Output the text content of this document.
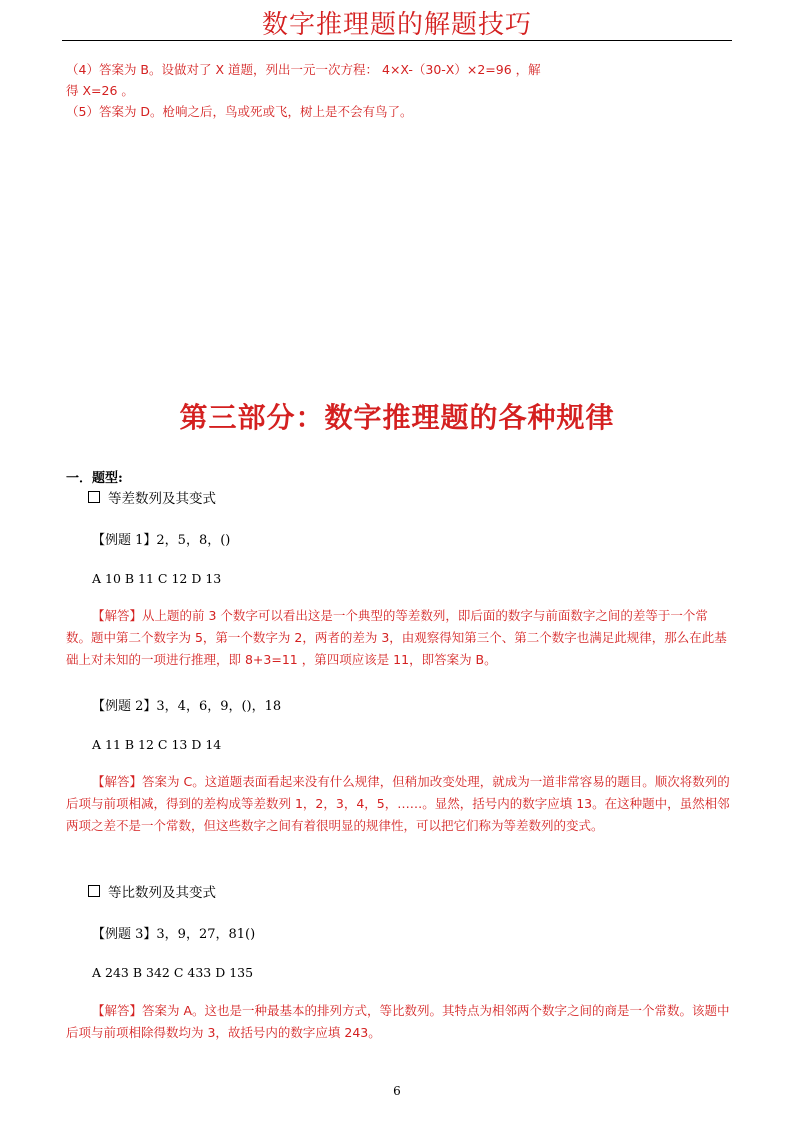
数字推理题的解题技巧
（4）答案为 B。设做对了 X 道题，列出一元一次方程： 4×X-（30-X）×2=96 ，解
得 X=26 。
（5）答案为 D。枪响之后，鸟或死或飞，树上是不会有鸟了。
第三部分：数字推理题的各种规律
一．题型:
等差数列及其变式
【例题 1】2，5，8，()
A 10 B 11 C 12 D 13
【解答】从上题的前 3 个数字可以看出这是一个典型的等差数列，即后面的数字与前面数字之间的差等于一个常数。题中第二个数字为 5，第一个数字为 2，两者的差为 3，由观察得知第三个、第二个数字也满足此规律，那么在此基础上对未知的一项进行推理，即 8+3=11 ，第四项应该是 11，即答案为 B。
【例题 2】3，4，6，9，()，18
A 11 B 12 C 13 D 14
【解答】答案为 C。这道题表面看起来没有什么规律，但稍加改变处理，就成为一道非常容易的题目。顺次将数列的后项与前项相减，得到的差构成等差数列 1，2，3，4，5，……。显然，括号内的数字应填 13。在这种题中，虽然相邻两项之差不是一个常数，但这些数字之间有着很明显的规律性，可以把它们称为等差数列的变式。
等比数列及其变式
【例题 3】3，9，27，81()
A 243 B 342 C 433 D 135
【解答】答案为 A。这也是一种最基本的排列方式，等比数列。其特点为相邻两个数字之间的商是一个常数。该题中后项与前项相除得数均为 3，故括号内的数字应填 243。
6
